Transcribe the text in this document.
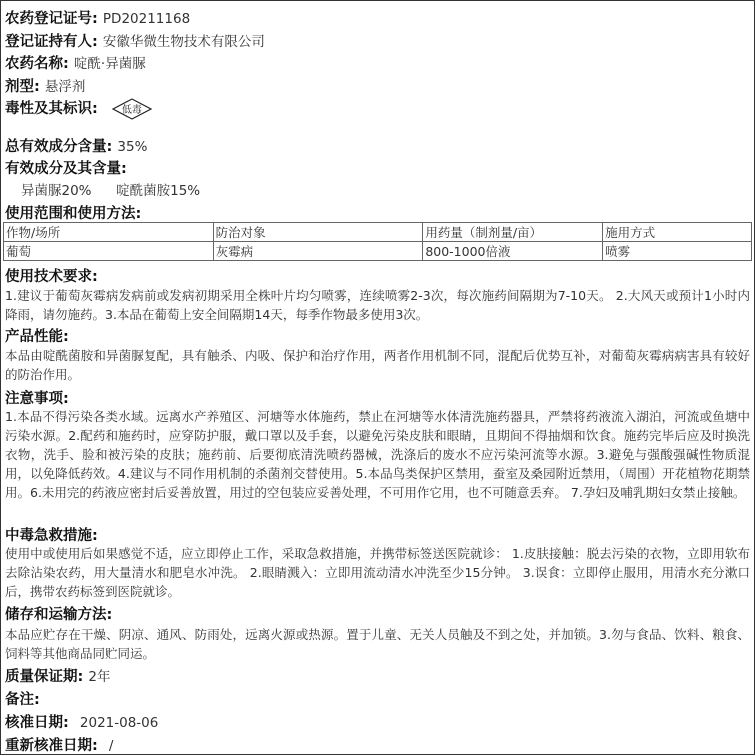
农药登记证号: PD20211168
登记证持有人: 安徽华微生物技术有限公司
农药名称: 啶酰·异菌脲
剂型: 悬浮剂
毒性及其标识:	低毒
总有效成分含量: 35%
有效成分及其含量:
异菌脲20% 啶酰菌胺15%
使用范围和使用方法:
作物/场所	防治对象	用药量（制剂量/亩）	施用方式
葡萄	灰霉病	800-1000倍液	喷雾
使用技术要求:
1.建议于葡萄灰霉病发病前或发病初期采用全株叶片均匀喷雾，连续喷雾2-3次，每次施药间隔期为7-10天。 2.大风天或预计1小时内降雨，请勿施药。3.本品在葡萄上安全间隔期14天，每季作物最多使用3次。
产品性能:
本品由啶酰菌胺和异菌脲复配，具有触杀、内吸、保护和治疗作用，两者作用机制不同，混配后优势互补，对葡萄灰霉病病害具有较好的防治作用。
注意事项:
1.本品不得污染各类水域。远离水产养殖区、河塘等水体施药，禁止在河塘等水体清洗施药器具，严禁将药液流入湖泊，河流或鱼塘中污染水源。2.配药和施药时，应穿防护服，戴口罩以及手套，以避免污染皮肤和眼睛，且期间不得抽烟和饮食。施药完毕后应及时换洗衣物，洗手、脸和被污染的皮肤；施药前、后要彻底清洗喷药器械，洗涤后的废水不应污染河流等水源。3.避免与强酸强碱性物质混用，以免降低药效。4.建议与不同作用机制的杀菌剂交替使用。5.本品鸟类保护区禁用，蚕室及桑园附近禁用，（周围）开花植物花期禁用。6.未用完的药液应密封后妥善放置，用过的空包装应妥善处理，不可用作它用，也不可随意丢弃。 7.孕妇及哺乳期妇女禁止接触。
中毒急救措施:
使用中或使用后如果感觉不适，应立即停止工作，采取急救措施，并携带标签送医院就诊： 1.皮肤接触：脱去污染的衣物，立即用软布去除沾染农药，用大量清水和肥皂水冲洗。 2.眼睛溅入：立即用流动清水冲洗至少15分钟。 3.误食：立即停止服用，用清水充分漱口后，携带农药标签到医院就诊。
储存和运输方法:
本品应贮存在干燥、阴凉、通风、防雨处，远离火源或热源。置于儿童、无关人员触及不到之处，并加锁。3.勿与食品、饮料、粮食、饲料等其他商品同贮同运。
质量保证期: 2年
备注:
核准日期: 2021-08-06
重新核准日期: /
